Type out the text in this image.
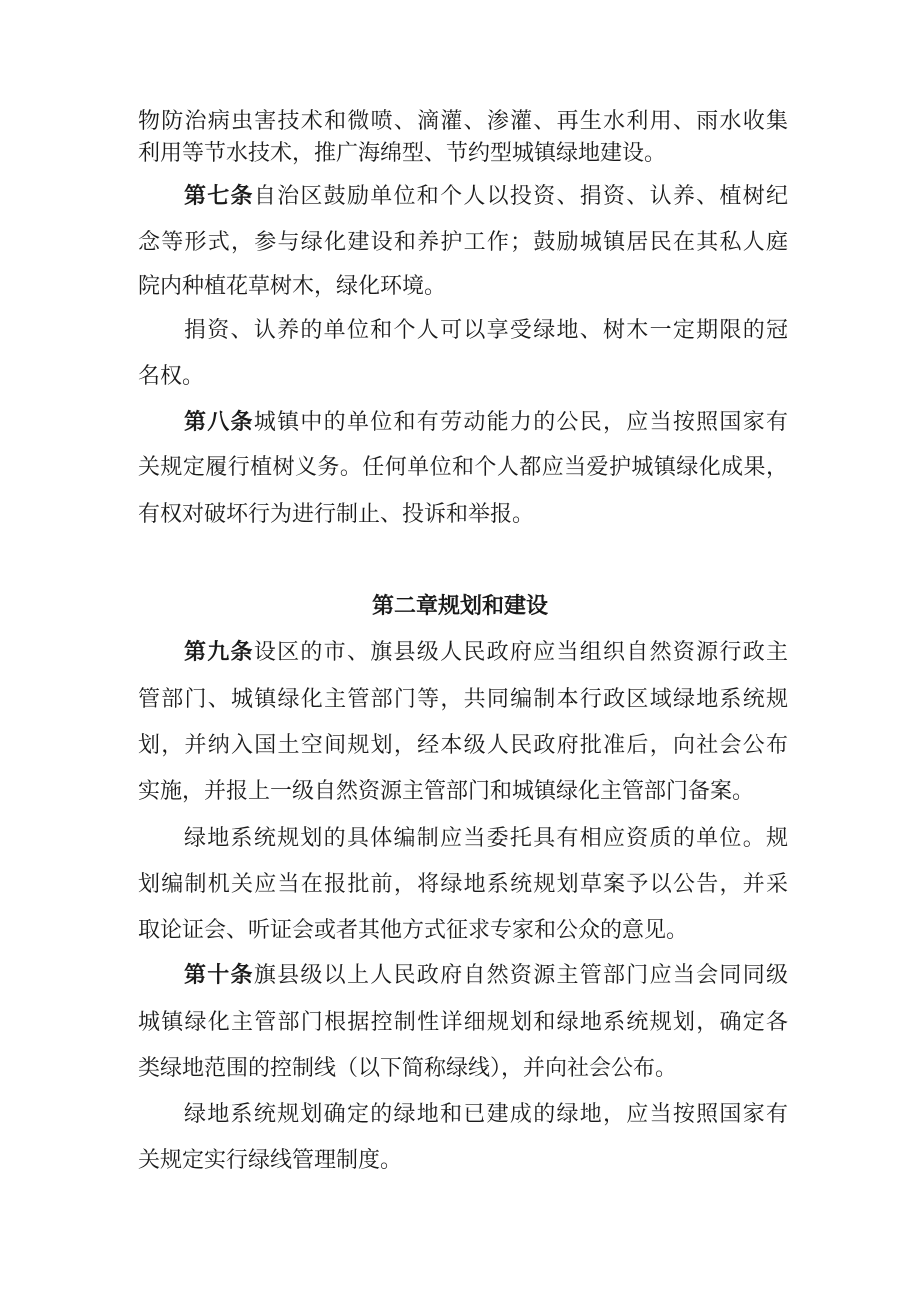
物防治病虫害技术和微喷、滴灌、渗灌、再生水利用、雨水收集
利用等节水技术，推广海绵型、节约型城镇绿地建设。
第七条自治区鼓励单位和个人以投资、捐资、认养、植树纪
念等形式，参与绿化建设和养护工作；鼓励城镇居民在其私人庭
院内种植花草树木，绿化环境。
捐资、认养的单位和个人可以享受绿地、树木一定期限的冠
名权。
第八条城镇中的单位和有劳动能力的公民，应当按照国家有
关规定履行植树义务。任何单位和个人都应当爱护城镇绿化成果，
有权对破坏行为进行制止、投诉和举报。
第二章规划和建设
第九条设区的市、旗县级人民政府应当组织自然资源行政主
管部门、城镇绿化主管部门等，共同编制本行政区域绿地系统规
划，并纳入国土空间规划，经本级人民政府批准后，向社会公布
实施，并报上一级自然资源主管部门和城镇绿化主管部门备案。
绿地系统规划的具体编制应当委托具有相应资质的单位。规
划编制机关应当在报批前，将绿地系统规划草案予以公告，并采
取论证会、听证会或者其他方式征求专家和公众的意见。
第十条旗县级以上人民政府自然资源主管部门应当会同同级
城镇绿化主管部门根据控制性详细规划和绿地系统规划，确定各
类绿地范围的控制线（以下简称绿线），并向社会公布。
绿地系统规划确定的绿地和已建成的绿地，应当按照国家有
关规定实行绿线管理制度。
